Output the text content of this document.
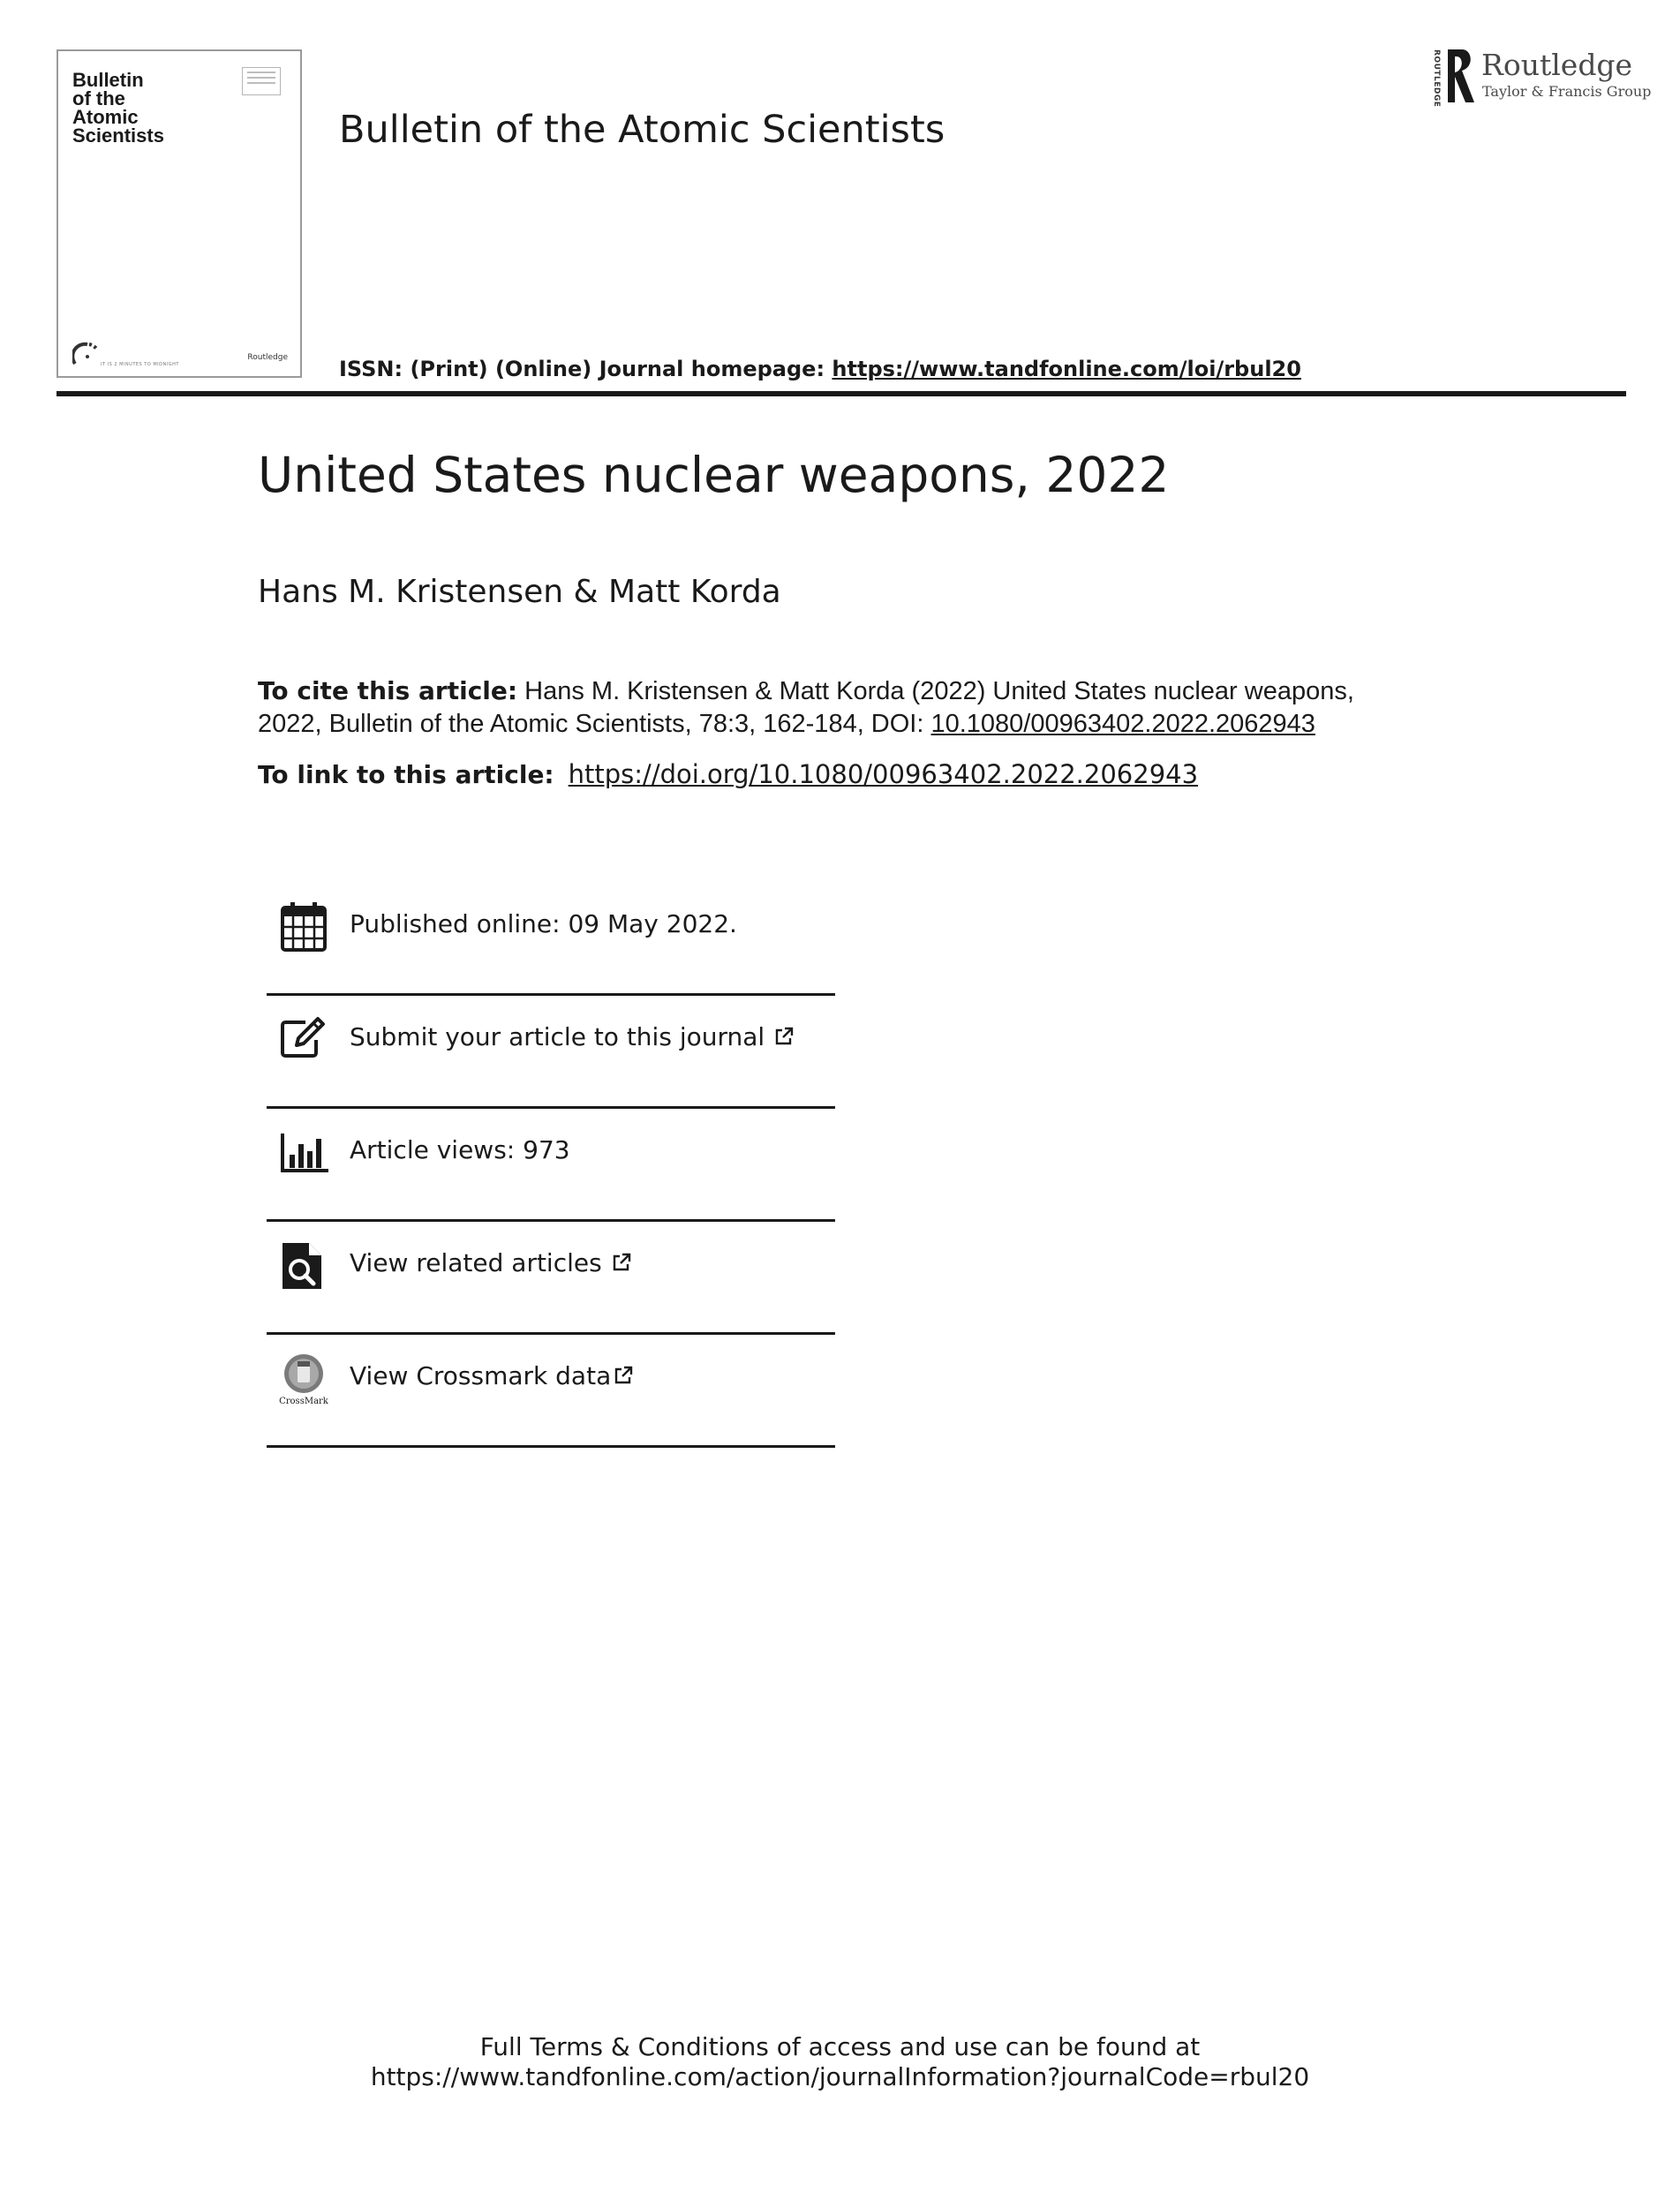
Bulletin
of the
Atomic
Scientists
IT IS 2 MINUTES TO MIDNIGHT
Routledge
Bulletin of the Atomic Scientists
ISSN: (Print) (Online) Journal homepage: https://www.tandfonline.com/loi/rbul20
ROUTLEDGE Routledge
Taylor & Francis Group
United States nuclear weapons, 2022
Hans M. Kristensen & Matt Korda
To cite this article: Hans M. Kristensen & Matt Korda (2022) United States nuclear weapons, 2022, Bulletin of the Atomic Scientists, 78:3, 162-184, DOI: 10.1080/00963402.2022.2062943
To link to this article: https://doi.org/10.1080/00963402.2022.2062943
Published online: 09 May 2022.
Submit your article to this journal
Article views: 973
View related articles
CrossMark
View Crossmark data
Full Terms & Conditions of access and use can be found at
https://www.tandfonline.com/action/journalInformation?journalCode=rbul20
